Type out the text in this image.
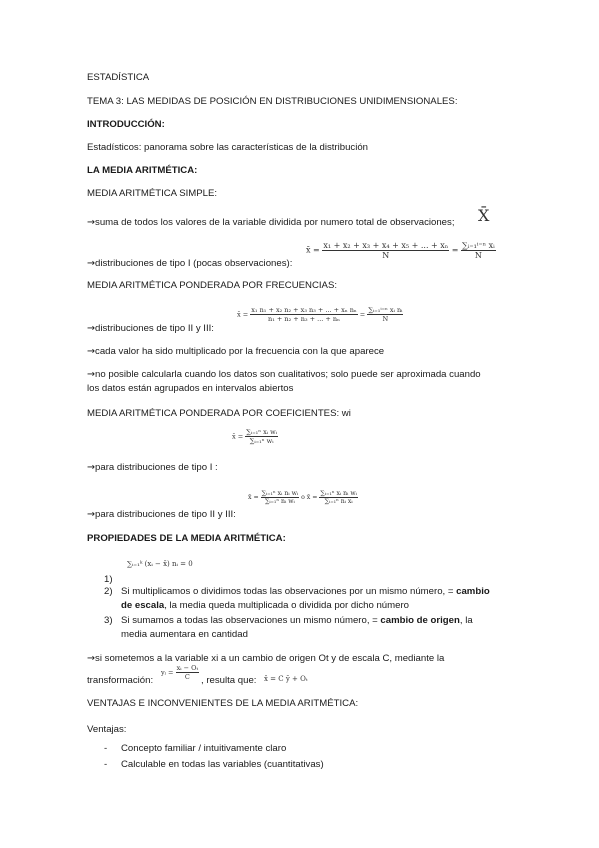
ESTADÍSTICA
TEMA 3: LAS MEDIDAS DE POSICIÓN EN DISTRIBUCIONES UNIDIMENSIONALES:
INTRODUCCIÓN:
Estadísticos: panorama sobre las características de la distribución
LA MEDIA ARITMÉTICA:
MEDIA ARITMÉTICA SIMPLE:
→suma de todos los valores de la variable dividida por numero total de observaciones; X̄
→distribuciones de tipo I (pocas observaciones):
x̄ = $\frac{\text{x₁ + x₂ + x₃ + x₄ + x₅ + ... + xₙ}}{N} = \frac{\text{∑ᵢ₌₁ⁱ⁼ⁿ xᵢ}}{N}$
MEDIA ARITMÉTICA PONDERADA POR FRECUENCIAS:
→distribuciones de tipo II y III:
x̄ = $\frac{\text{x₁ n₁ + x₂ n₂ + x₃ n₃ + ... + xₙ nₙ}}{\text{n₁ + n₂ + n₃ + ... + nₙ}} = \frac{\text{∑ᵢ₌₁ⁱ⁼ⁿ xᵢ nᵢ}}{N}$
→cada valor ha sido multiplicado por la frecuencia con la que aparece
→no posible calcularla cuando los datos son cualitativos; solo puede ser aproximada cuando
los datos están agrupados en intervalos abiertos
MEDIA ARITMÉTICA PONDERADA POR COEFICIENTES: wi
x̄ = $\frac{\text{∑ᵢ₌₁ⁿ xᵢ wᵢ}}{\text{∑ᵢ₌₁ⁿ wᵢ}}$
→para distribuciones de tipo I :
x̄ = $\frac{\text{∑ᵢ₌₁ⁿ xᵢ nᵢ wᵢ}}{\text{∑ᵢ₌₁ⁿ nᵢ wᵢ}}$ o x̄ = $\frac{\text{∑ᵢ₌₁ⁿ xᵢ nᵢ wᵢ}}{\text{∑ᵢ₌₁ⁿ nᵢ xᵢ}}$
→para distribuciones de tipo II y III:
PROPIEDADES DE LA MEDIA ARITMÉTICA:
∑ᵢ₌₁ᵏ (xᵢ − x̄) nᵢ = 0
1)
2) Si multiplicamos o dividimos todas las observaciones por un mismo número, = cambio
de escala, la media queda multiplicada o dividida por dicho número
3) Si sumamos a todas las observaciones un mismo número, = cambio de origen, la
media aumentara en cantidad
→si sometemos a la variable xi a un cambio de origen Ot y de escala C, mediante la
transformación:
yᵢ = $\frac{\text{xᵢ − Oₜ}}{C}$ , resulta que: x̄ = C ȳ + Oₜ
VENTAJAS E INCONVENIENTES DE LA MEDIA ARITMÉTICA:
Ventajas:
- Concepto familiar / intuitivamente claro
- Calculable en todas las variables (cuantitativas)
